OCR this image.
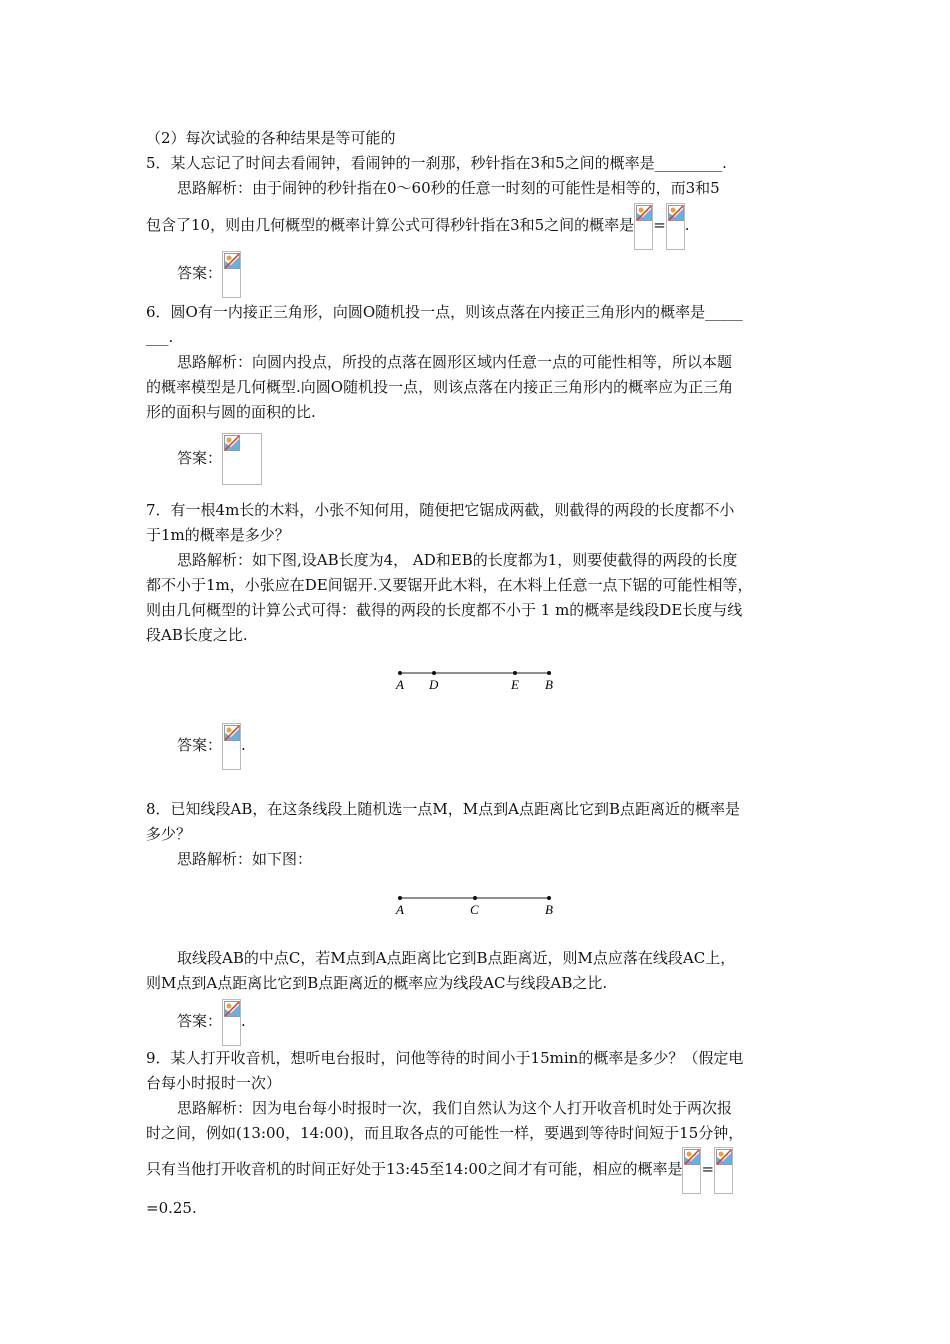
（2）每次试验的各种结果是等可能的
5．某人忘记了时间去看闹钟，看闹钟的一刹那，秒针指在3和5之间的概率是_________.
思路解析：由于闹钟的秒针指在0～60秒的任意一时刻的可能性是相等的，而3和5
包含了10，则由几何概型的概率计算公式可得秒针指在3和5之间的概率是 = .
答案：
6．圆O有一内接正三角形，向圆O随机投一点，则该点落在内接正三角形内的概率是_____
___.
思路解析：向圆内投点，所投的点落在圆形区域内任意一点的可能性相等，所以本题
的概率模型是几何概型.向圆O随机投一点，则该点落在内接正三角形内的概率应为正三角
形的面积与圆的面积的比.
答案：
7．有一根4m长的木料，小张不知何用，随便把它锯成两截，则截得的两段的长度都不小
于1m的概率是多少？
思路解析：如下图,设AB长度为4， AD和EB的长度都为1，则要使截得的两段的长度
都不小于1m，小张应在DE间锯开.又要锯开此木料，在木料上任意一点下锯的可能性相等，
则由几何概型的计算公式可得：截得的两段的长度都不小于 1 m的概率是线段DE长度与线
段AB长度之比.
A D	E B
答案： .
8．已知线段AB，在这条线段上随机选一点M，M点到A点距离比它到B点距离近的概率是
多少？
思路解析：如下图：
A	C	B
取线段AB的中点C，若M点到A点距离比它到B点距离近，则M点应落在线段AC上，
则M点到A点距离比它到B点距离近的概率应为线段AC与线段AB之比.
答案： .
9．某人打开收音机，想听电台报时，问他等待的时间小于15min的概率是多少？（假定电
台每小时报时一次）
思路解析：因为电台每小时报时一次，我们自然认为这个人打开收音机时处于两次报
时之间，例如(13:00，14:00)，而且取各点的可能性一样，要遇到等待时间短于15分钟，
只有当他打开收音机的时间正好处于13:45至14:00之间才有可能，相应的概率是 =
=0.25.
